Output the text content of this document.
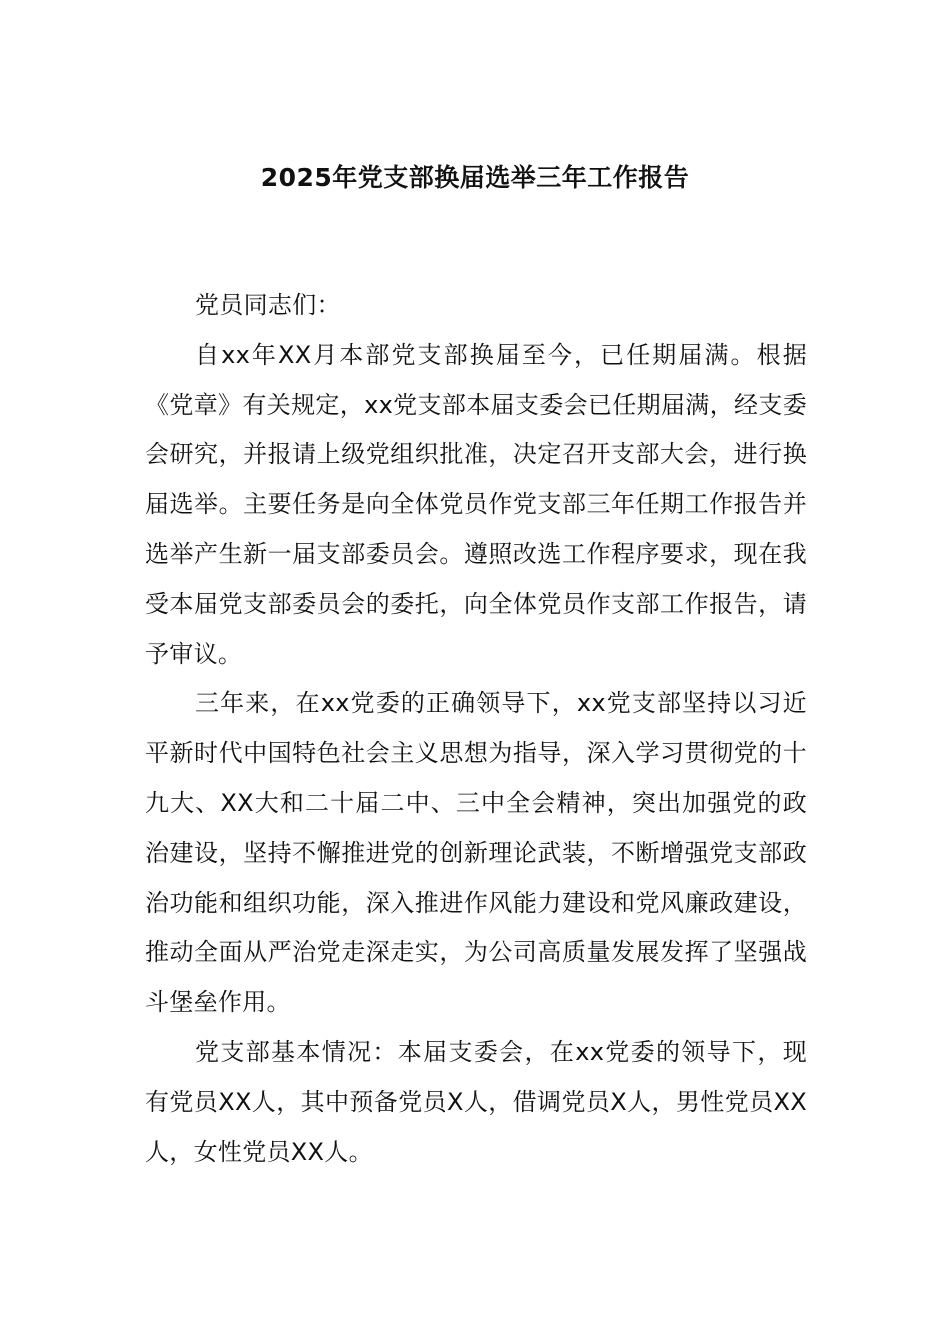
2025年党支部换届选举三年工作报告

党员同志们：

自xx年XX月本部党支部换届至今，已任期届满。根据《党章》有关规定，xx党支部本届支委会已任期届满，经支委会研究，并报请上级党组织批准，决定召开支部大会，进行换届选举。主要任务是向全体党员作党支部三年任期工作报告并选举产生新一届支部委员会。遵照改选工作程序要求，现在我受本届党支部委员会的委托，向全体党员作支部工作报告，请予审议。

三年来，在xx党委的正确领导下，xx党支部坚持以习近平新时代中国特色社会主义思想为指导，深入学习贯彻党的十九大、XX大和二十届二中、三中全会精神，突出加强党的政治建设，坚持不懈推进党的创新理论武装，不断增强党支部政治功能和组织功能，深入推进作风能力建设和党风廉政建设，推动全面从严治党走深走实，为公司高质量发展发挥了坚强战斗堡垒作用。

党支部基本情况：本届支委会，在xx党委的领导下，现有党员XX人，其中预备党员X人，借调党员X人，男性党员XX人，女性党员XX人。
